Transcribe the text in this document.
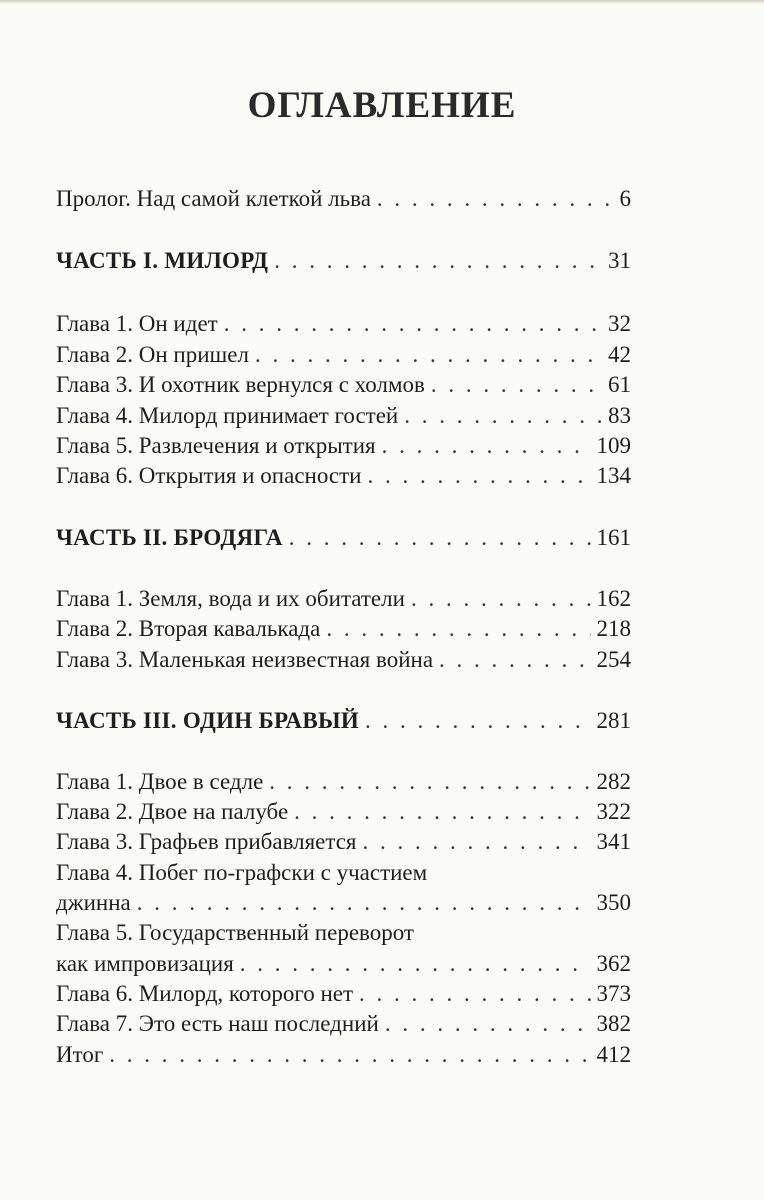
ОГЛАВЛЕНИЕ
Пролог. Над самой клеткой льва . . .	6
ЧАСТЬ I. МИЛОРД . . .	31
Глава 1. Он идет . . .	32
Глава 2. Он пришел . . .	42
Глава 3. И охотник вернулся с холмов . . .	61
Глава 4. Милорд принимает гостей . . .	83
Глава 5. Развлечения и открытия . . .	109
Глава 6. Открытия и опасности . . .	134
ЧАСТЬ II. БРОДЯГА . . .	161
Глава 1. Земля, вода и их обитатели . . .	162
Глава 2. Вторая кавалькада . . .	218
Глава 3. Маленькая неизвестная война . . .	254
ЧАСТЬ III. ОДИН БРАВЫЙ . . .	281
Глава 1. Двое в седле . . .	282
Глава 2. Двое на палубе . . .	322
Глава 3. Графьев прибавляется . . .	341
Глава 4. Побег по-графски с участием
джинна . . .	350
Глава 5. Государственный переворот
как импровизация . . .	362
Глава 6. Милорд, которого нет . . .	373
Глава 7. Это есть наш последний . . .	382
Итог . . .	412
